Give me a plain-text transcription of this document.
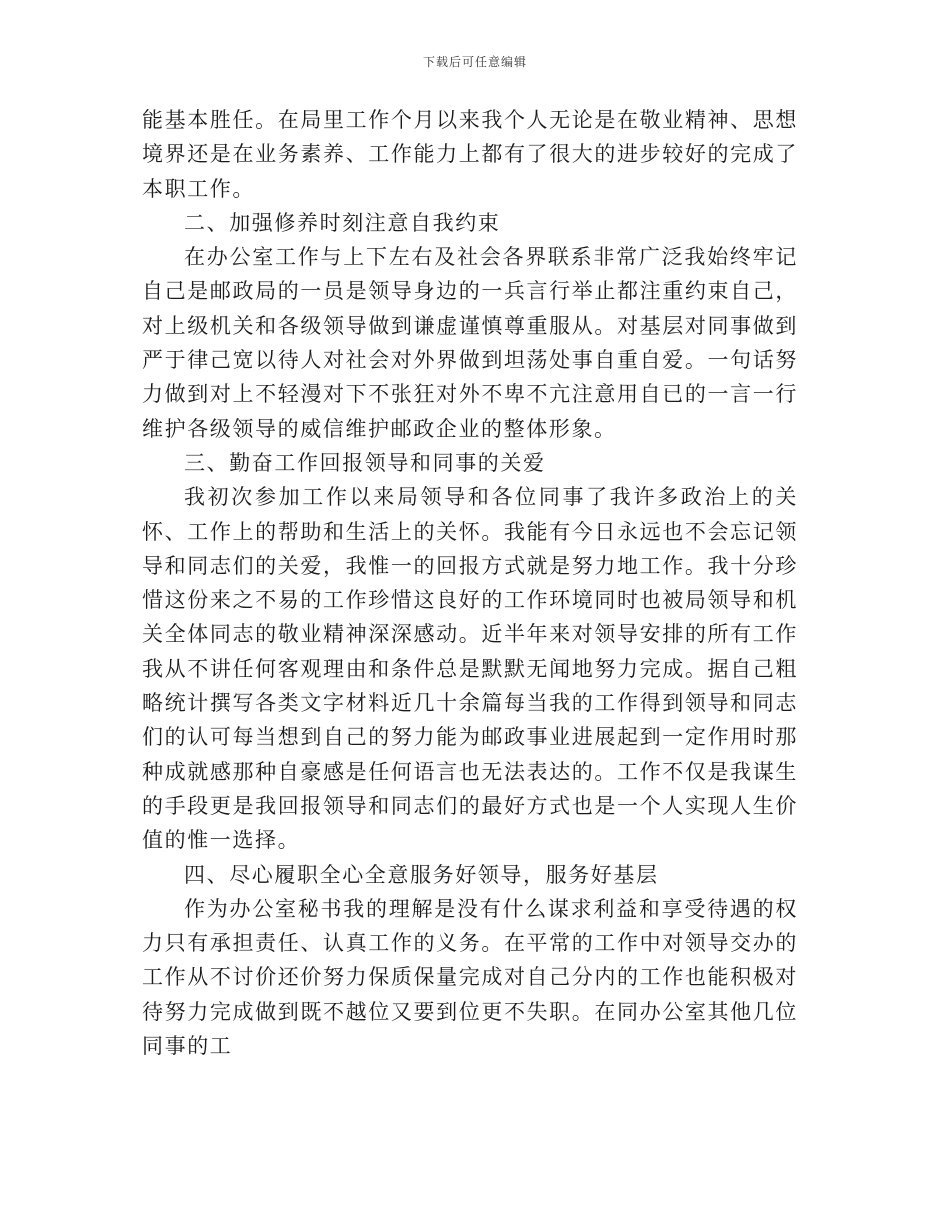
下载后可任意编辑

能基本胜任。在局里工作个月以来我个人无论是在敬业精神、思想境界还是在业务素养、工作能力上都有了很大的进步较好的完成了本职工作。

二、加强修养时刻注意自我约束

在办公室工作与上下左右及社会各界联系非常广泛我始终牢记自己是邮政局的一员是领导身边的一兵言行举止都注重约束自己，对上级机关和各级领导做到谦虚谨慎尊重服从。对基层对同事做到严于律己宽以待人对社会对外界做到坦荡处事自重自爱。一句话努力做到对上不轻漫对下不张狂对外不卑不亢注意用自已的一言一行维护各级领导的威信维护邮政企业的整体形象。

三、勤奋工作回报领导和同事的关爱

我初次参加工作以来局领导和各位同事了我许多政治上的关怀、工作上的帮助和生活上的关怀。我能有今日永远也不会忘记领导和同志们的关爱，我惟一的回报方式就是努力地工作。我十分珍惜这份来之不易的工作珍惜这良好的工作环境同时也被局领导和机关全体同志的敬业精神深深感动。近半年来对领导安排的所有工作我从不讲任何客观理由和条件总是默默无闻地努力完成。据自己粗略统计撰写各类文字材料近几十余篇每当我的工作得到领导和同志们的认可每当想到自己的努力能为邮政事业进展起到一定作用时那种成就感那种自豪感是任何语言也无法表达的。工作不仅是我谋生的手段更是我回报领导和同志们的最好方式也是一个人实现人生价值的惟一选择。

四、尽心履职全心全意服务好领导，服务好基层

作为办公室秘书我的理解是没有什么谋求利益和享受待遇的权力只有承担责任、认真工作的义务。在平常的工作中对领导交办的工作从不讨价还价努力保质保量完成对自己分内的工作也能积极对待努力完成做到既不越位又要到位更不失职。在同办公室其他几位同事的工
